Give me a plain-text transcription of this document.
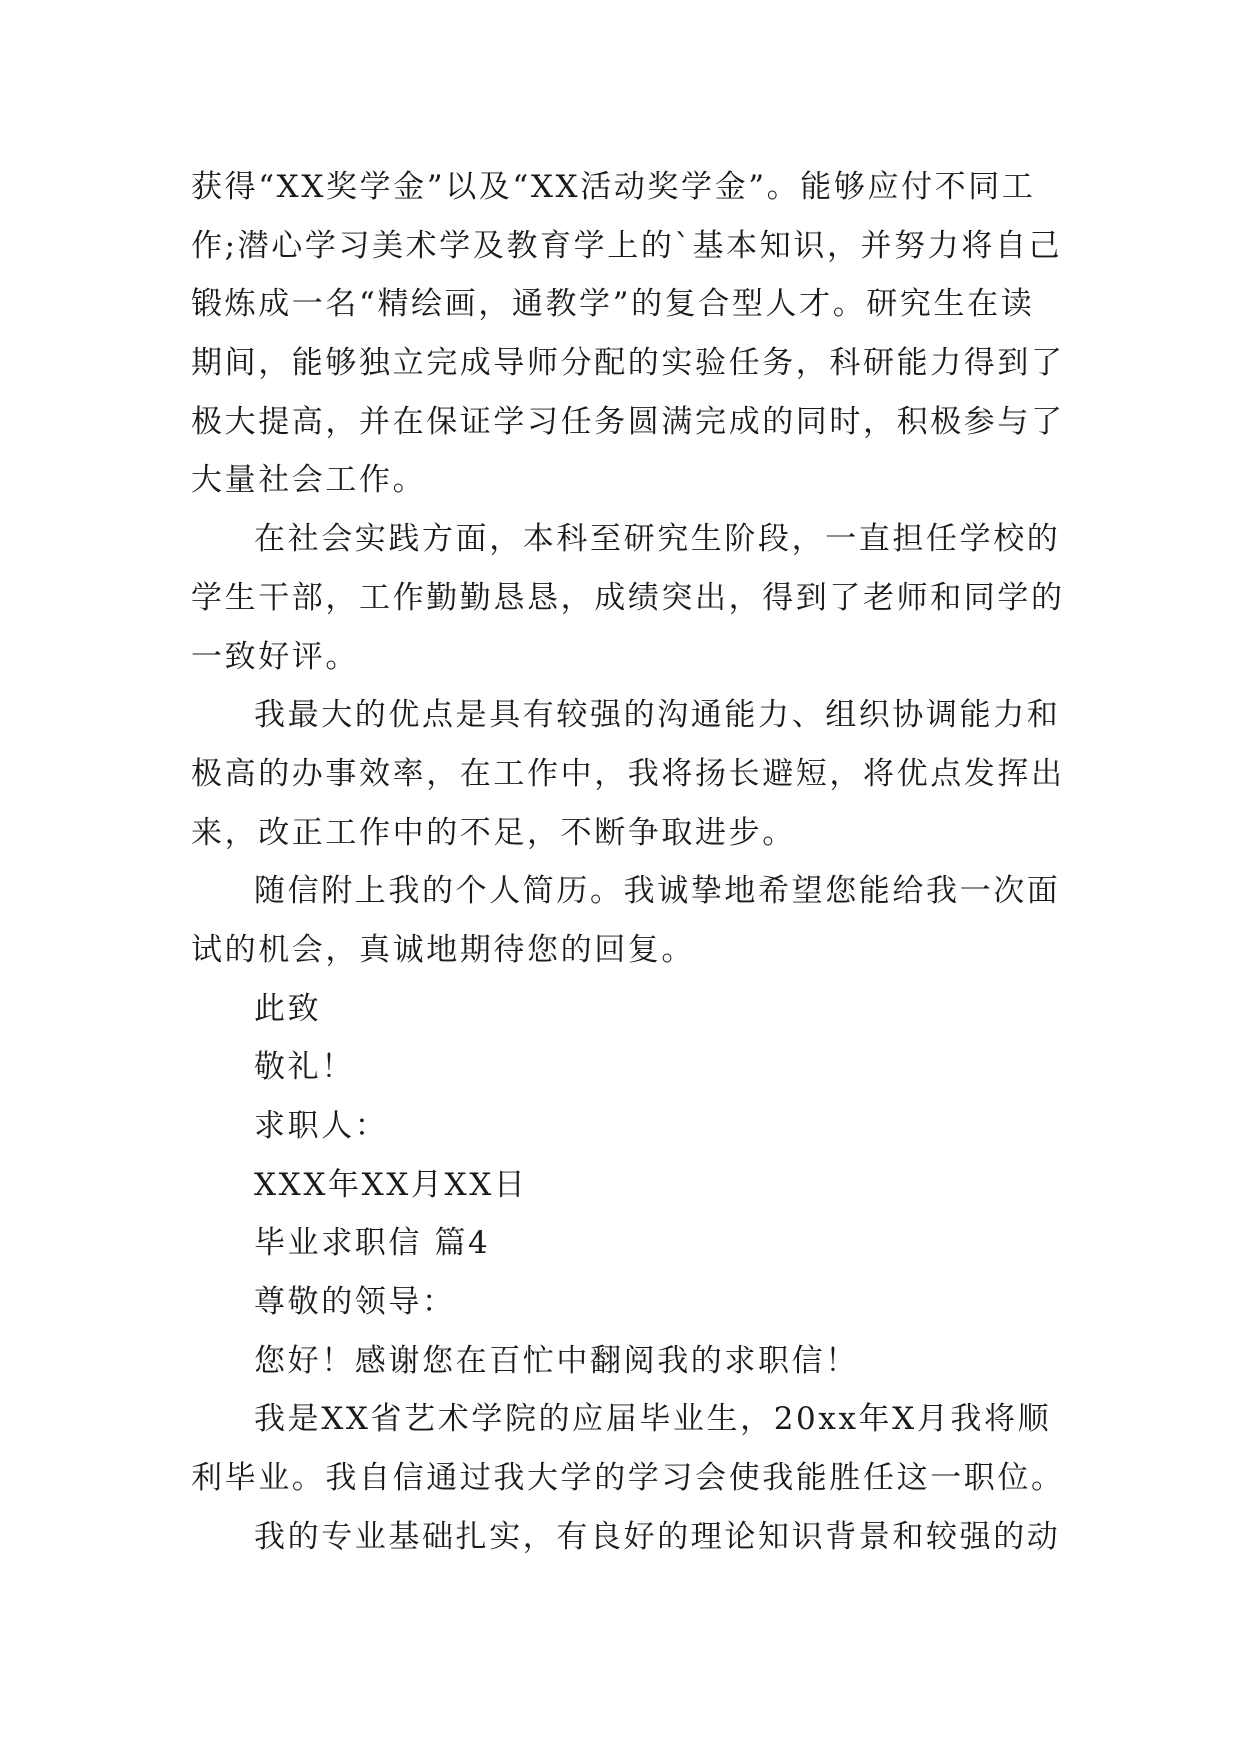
获得“XX奖学金”以及“XX活动奖学金”。能够应付不同工
作;潜心学习美术学及教育学上的`基本知识，并努力将自己
锻炼成一名“精绘画，通教学”的复合型人才。研究生在读
期间，能够独立完成导师分配的实验任务，科研能力得到了
极大提高，并在保证学习任务圆满完成的同时，积极参与了
大量社会工作。
在社会实践方面，本科至研究生阶段，一直担任学校的
学生干部，工作勤勤恳恳，成绩突出，得到了老师和同学的
一致好评。
我最大的优点是具有较强的沟通能力、组织协调能力和
极高的办事效率，在工作中，我将扬长避短，将优点发挥出
来，改正工作中的不足，不断争取进步。
随信附上我的个人简历。我诚挚地希望您能给我一次面
试的机会，真诚地期待您的回复。
此致
敬礼！
求职人：
XXX年XX月XX日
毕业求职信 篇4
尊敬的领导：
您好！感谢您在百忙中翻阅我的求职信！
我是XX省艺术学院的应届毕业生，20xx年X月我将顺
利毕业。我自信通过我大学的学习会使我能胜任这一职位。
我的专业基础扎实，有良好的理论知识背景和较强的动
